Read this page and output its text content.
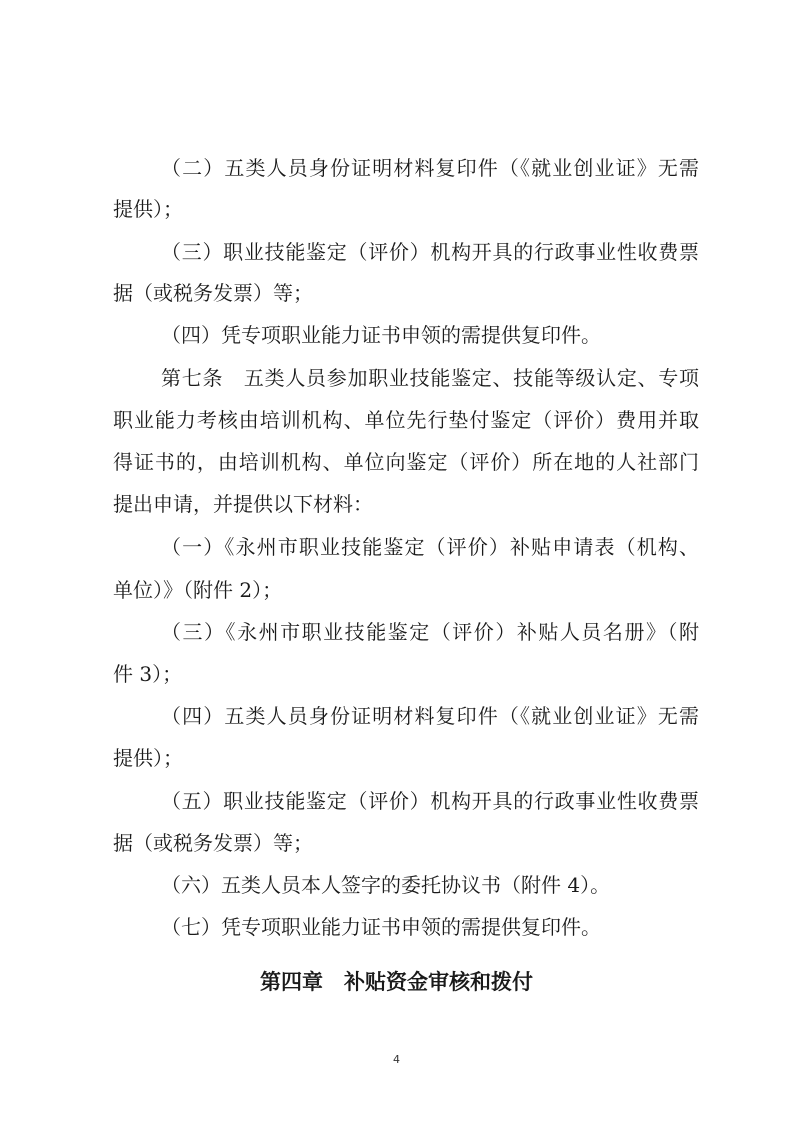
（二）五类人员身份证明材料复印件（《就业创业证》无需
提供）；
（三）职业技能鉴定（评价）机构开具的行政事业性收费票
据（或税务发票）等；
（四）凭专项职业能力证书申领的需提供复印件。
第七条　五类人员参加职业技能鉴定、技能等级认定、专项
职业能力考核由培训机构、单位先行垫付鉴定（评价）费用并取
得证书的，由培训机构、单位向鉴定（评价）所在地的人社部门
提出申请，并提供以下材料：
（一）《永州市职业技能鉴定（评价）补贴申请表（机构、
单位）》（附件 2）；
（三）《永州市职业技能鉴定（评价）补贴人员名册》（附
件 3）；
（四）五类人员身份证明材料复印件（《就业创业证》无需
提供）；
（五）职业技能鉴定（评价）机构开具的行政事业性收费票
据（或税务发票）等；
（六）五类人员本人签字的委托协议书（附件 4）。
（七）凭专项职业能力证书申领的需提供复印件。
第四章　补贴资金审核和拨付
4
